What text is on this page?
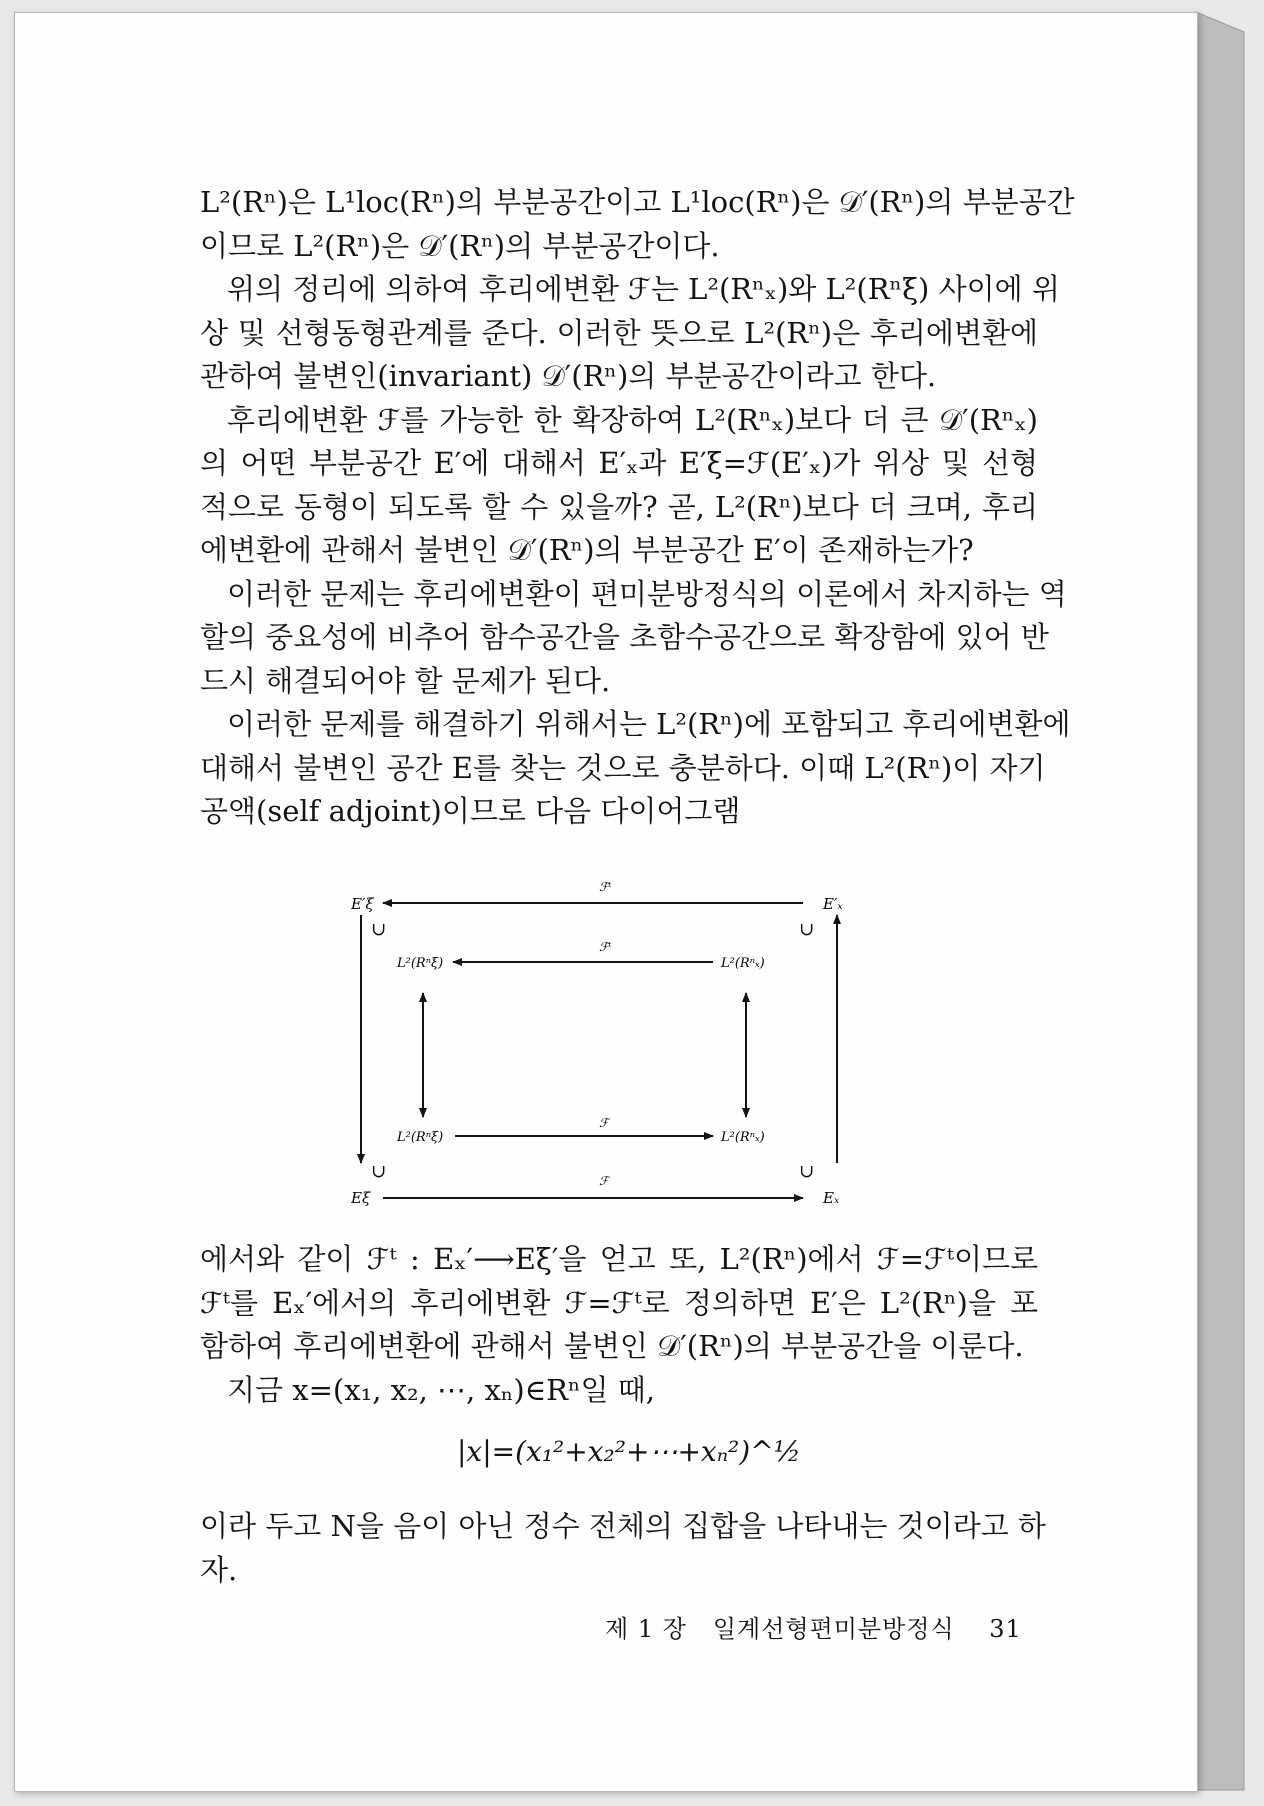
L²(Rⁿ)은 L¹loc(Rⁿ)의 부분공간이고 L¹loc(Rⁿ)은 𝒟′(Rⁿ)의 부분공간
이므로 L²(Rⁿ)은 𝒟′(Rⁿ)의 부분공간이다.
위의 정리에 의하여 후리에변환 ℱ는 L²(Rⁿₓ)와 L²(Rⁿξ) 사이에 위
상 및 선형동형관계를 준다. 이러한 뜻으로 L²(Rⁿ)은 후리에변환에
관하여 불변인(invariant) 𝒟′(Rⁿ)의 부분공간이라고 한다.
후리에변환 ℱ를 가능한 한 확장하여 L²(Rⁿₓ)보다 더 큰 𝒟′(Rⁿₓ)
의 어떤 부분공간 E′에 대해서 E′ₓ과 E′ξ=ℱ(E′ₓ)가 위상 및 선형
적으로 동형이 되도록 할 수 있을까? 곧, L²(Rⁿ)보다 더 크며, 후리
에변환에 관해서 불변인 𝒟′(Rⁿ)의 부분공간 E′이 존재하는가?
이러한 문제는 후리에변환이 편미분방정식의 이론에서 차지하는 역
할의 중요성에 비추어 함수공간을 초함수공간으로 확장함에 있어 반
드시 해결되어야 할 문제가 된다.
이러한 문제를 해결하기 위해서는 L²(Rⁿ)에 포함되고 후리에변환에
대해서 불변인 공간 E를 찾는 것으로 충분하다. 이때 L²(Rⁿ)이 자기
공액(self adjoint)이므로 다음 다이어그램
E′ξ	E′ₓ
ℱᵗ
∪	∪
∪	∪
L²(Rⁿξ)	L²(Rⁿₓ)
ℱᵗ
L²(Rⁿξ)	L²(Rⁿₓ)
ℱ
Eξ	Eₓ
ℱ
에서와 같이 ℱᵗ : Eₓ′⟶Eξ′을 얻고 또, L²(Rⁿ)에서 ℱ=ℱᵗ이므로
ℱᵗ를 Eₓ′에서의 후리에변환 ℱ=ℱᵗ로 정의하면 E′은 L²(Rⁿ)을 포
함하여 후리에변환에 관해서 불변인 𝒟′(Rⁿ)의 부분공간을 이룬다.
지금 x=(x₁, x₂, ⋯, xₙ)∈Rⁿ일 때,
|x|=(x₁²+x₂²+⋯+xₙ²)^½
이라 두고 N을 음이 아닌 정수 전체의 집합을 나타내는 것이라고 하
자.
제 1 장 일계선형편미분방정식 31
